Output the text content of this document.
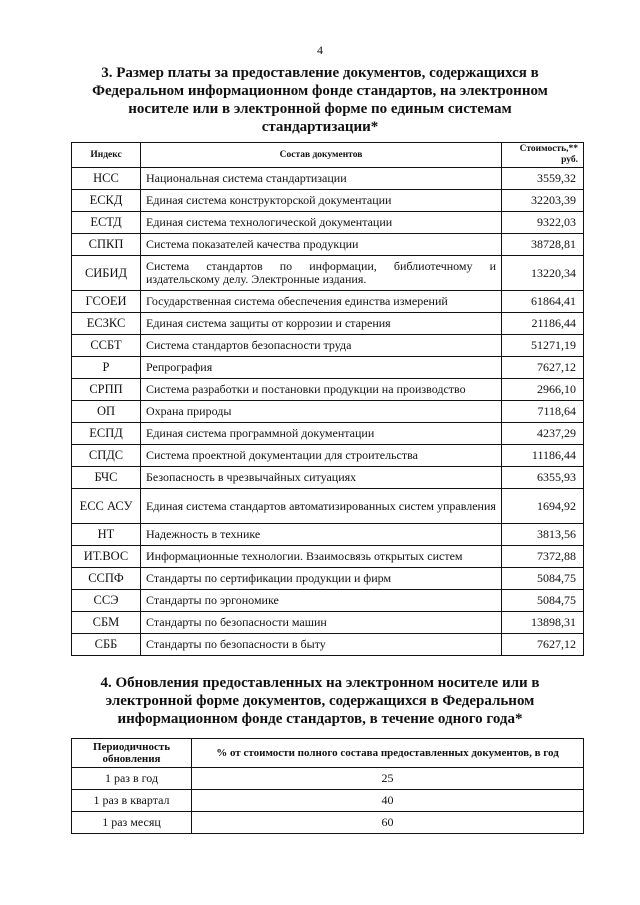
4
3. Размер платы за предоставление документов, содержащихся в Федеральном информационном фонде стандартов, на электронном носителе или в электронной форме по единым системам стандартизации*
Индекс	Состав документов	Стоимость,** руб.
НСС	Национальная система стандартизации	3559,32
ЕСКД	Единая система конструкторской документации	32203,39
ЕСТД	Единая система технологической документации	9322,03
СПКП	Система показателей качества продукции	38728,81
СИБИД	Система стандартов по информации, библиотечному и издательскому делу. Электронные издания.	13220,34
ГСОЕИ	Государственная система обеспечения единства измерений	61864,41
ЕСЗКС	Единая система защиты от коррозии и старения	21186,44
ССБТ	Система стандартов безопасности труда	51271,19
Р	Репрография	7627,12
СРПП	Система разработки и постановки продукции на производство	2966,10
ОП	Охрана природы	7118,64
ЕСПД	Единая система программной документации	4237,29
СПДС	Система проектной документации для строительства	11186,44
БЧС	Безопасность в чрезвычайных ситуациях	6355,93
ЕСС АСУ	Единая система стандартов автоматизированных систем управления	1694,92
НТ	Надежность в технике	3813,56
ИТ.ВОС	Информационные технологии. Взаимосвязь открытых систем	7372,88
ССПФ	Стандарты по сертификации продукции и фирм	5084,75
ССЭ	Стандарты по эргономике	5084,75
СБМ	Стандарты по безопасности машин	13898,31
СББ	Стандарты по безопасности в быту	7627,12
4. Обновления предоставленных на электронном носителе или в электронной форме документов, содержащихся в Федеральном информационном фонде стандартов, в течение одного года*
Периодичность обновления	% от стоимости полного состава предоставленных документов, в год
1 раз в год	25
1 раз в квартал	40
1 раз месяц	60
